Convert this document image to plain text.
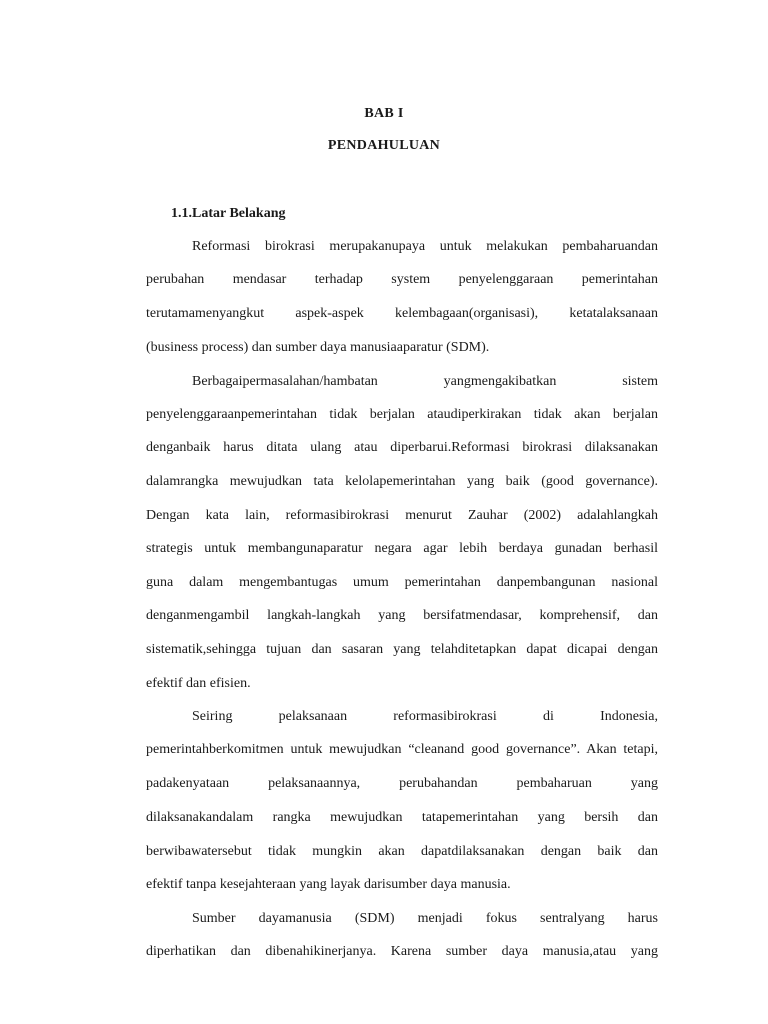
BAB I
PENDAHULUAN
1.1.Latar Belakang
Reformasi birokrasi merupakanupaya untuk melakukan pembaharuandan
perubahan mendasar terhadap system penyelenggaraan pemerintahan
terutamamenyangkut aspek-aspek kelembagaan(organisasi), ketatalaksanaan
(business process) dan sumber daya manusiaaparatur (SDM).
Berbagaipermasalahan/hambatan yangmengakibatkan sistem
penyelenggaraanpemerintahan tidak berjalan ataudiperkirakan tidak akan berjalan
denganbaik harus ditata ulang atau diperbarui.Reformasi birokrasi dilaksanakan
dalamrangka mewujudkan tata kelolapemerintahan yang baik (good governance).
Dengan kata lain, reformasibirokrasi menurut Zauhar (2002) adalahlangkah
strategis untuk membangunaparatur negara agar lebih berdaya gunadan berhasil
guna dalam mengembantugas umum pemerintahan danpembangunan nasional
denganmengambil langkah-langkah yang bersifatmendasar, komprehensif, dan
sistematik,sehingga tujuan dan sasaran yang telahditetapkan dapat dicapai dengan
efektif dan efisien.
Seiring pelaksanaan reformasibirokrasi di Indonesia,
pemerintahberkomitmen untuk mewujudkan “cleanand good governance”. Akan tetapi,
padakenyataan pelaksanaannya, perubahandan pembaharuan yang
dilaksanakandalam rangka mewujudkan tatapemerintahan yang bersih dan
berwibawatersebut tidak mungkin akan dapatdilaksanakan dengan baik dan
efektif tanpa kesejahteraan yang layak darisumber daya manusia.
Sumber dayamanusia (SDM) menjadi fokus sentralyang harus
diperhatikan dan dibenahikinerjanya. Karena sumber daya manusia,atau yang
